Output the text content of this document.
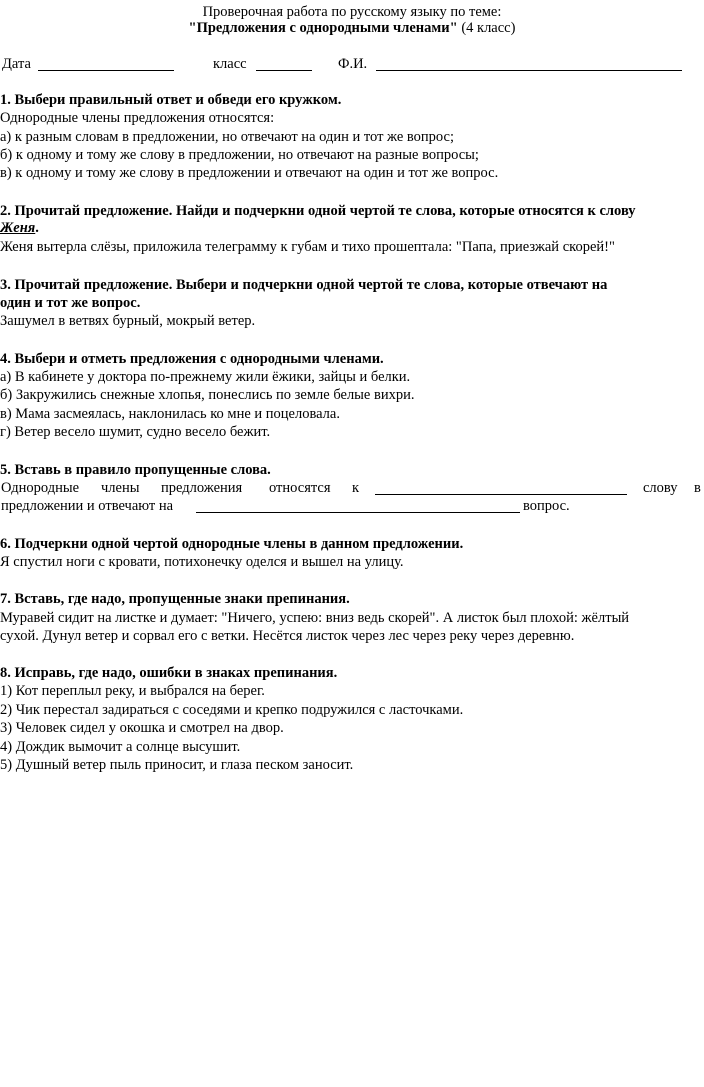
Проверочная работа по русскому языку по теме:
"Предложения с однородными членами" (4 класс)
Дата	класс	Ф.И.
1. Выбери правильный ответ и обведи его кружком.
Однородные члены предложения относятся:
а) к разным словам в предложении, но отвечают на один и тот же вопрос;
б) к одному и тому же слову в предложении, но отвечают на разные вопросы;
в) к одному и тому же слову в предложении и отвечают на один и тот же вопрос.
2. Прочитай предложение. Найди и подчеркни одной чертой те слова, которые относятся к слову
Женя.
Женя вытерла слёзы, приложила телеграмму к губам и тихо прошептала: "Папа, приезжай скорей!"
3. Прочитай предложение. Выбери и подчеркни одной чертой те слова, которые отвечают на
один и тот же вопрос.
Зашумел в ветвях бурный, мокрый ветер.
4. Выбери и отметь предложения с однородными членами.
а) В кабинете у доктора по-прежнему жили ёжики, зайцы и белки.
б) Закружились снежные хлопья, понеслись по земле белые вихри.
в) Мама засмеялась, наклонилась ко мне и поцеловала.
г) Ветер весело шумит, судно весело бежит.
5. Вставь в правило пропущенные слова.
Однородные члены предложения относятся к	слову в
предложении и отвечают на	вопрос.
6. Подчеркни одной чертой однородные члены в данном предложении.
Я спустил ноги с кровати, потихонечку оделся и вышел на улицу.
7. Вставь, где надо, пропущенные знаки препинания.
Муравей сидит на листке и думает: "Ничего, успею: вниз ведь скорей". А листок был плохой: жёлтый
сухой. Дунул ветер и сорвал его с ветки. Несётся листок через лес через реку через деревню.
8. Исправь, где надо, ошибки в знаках препинания.
1) Кот переплыл реку, и выбрался на берег.
2) Чик перестал задираться с соседями и крепко подружился с ласточками.
3) Человек сидел у окошка и смотрел на двор.
4) Дождик вымочит а солнце высушит.
5) Душный ветер пыль приносит, и глаза песком заносит.
